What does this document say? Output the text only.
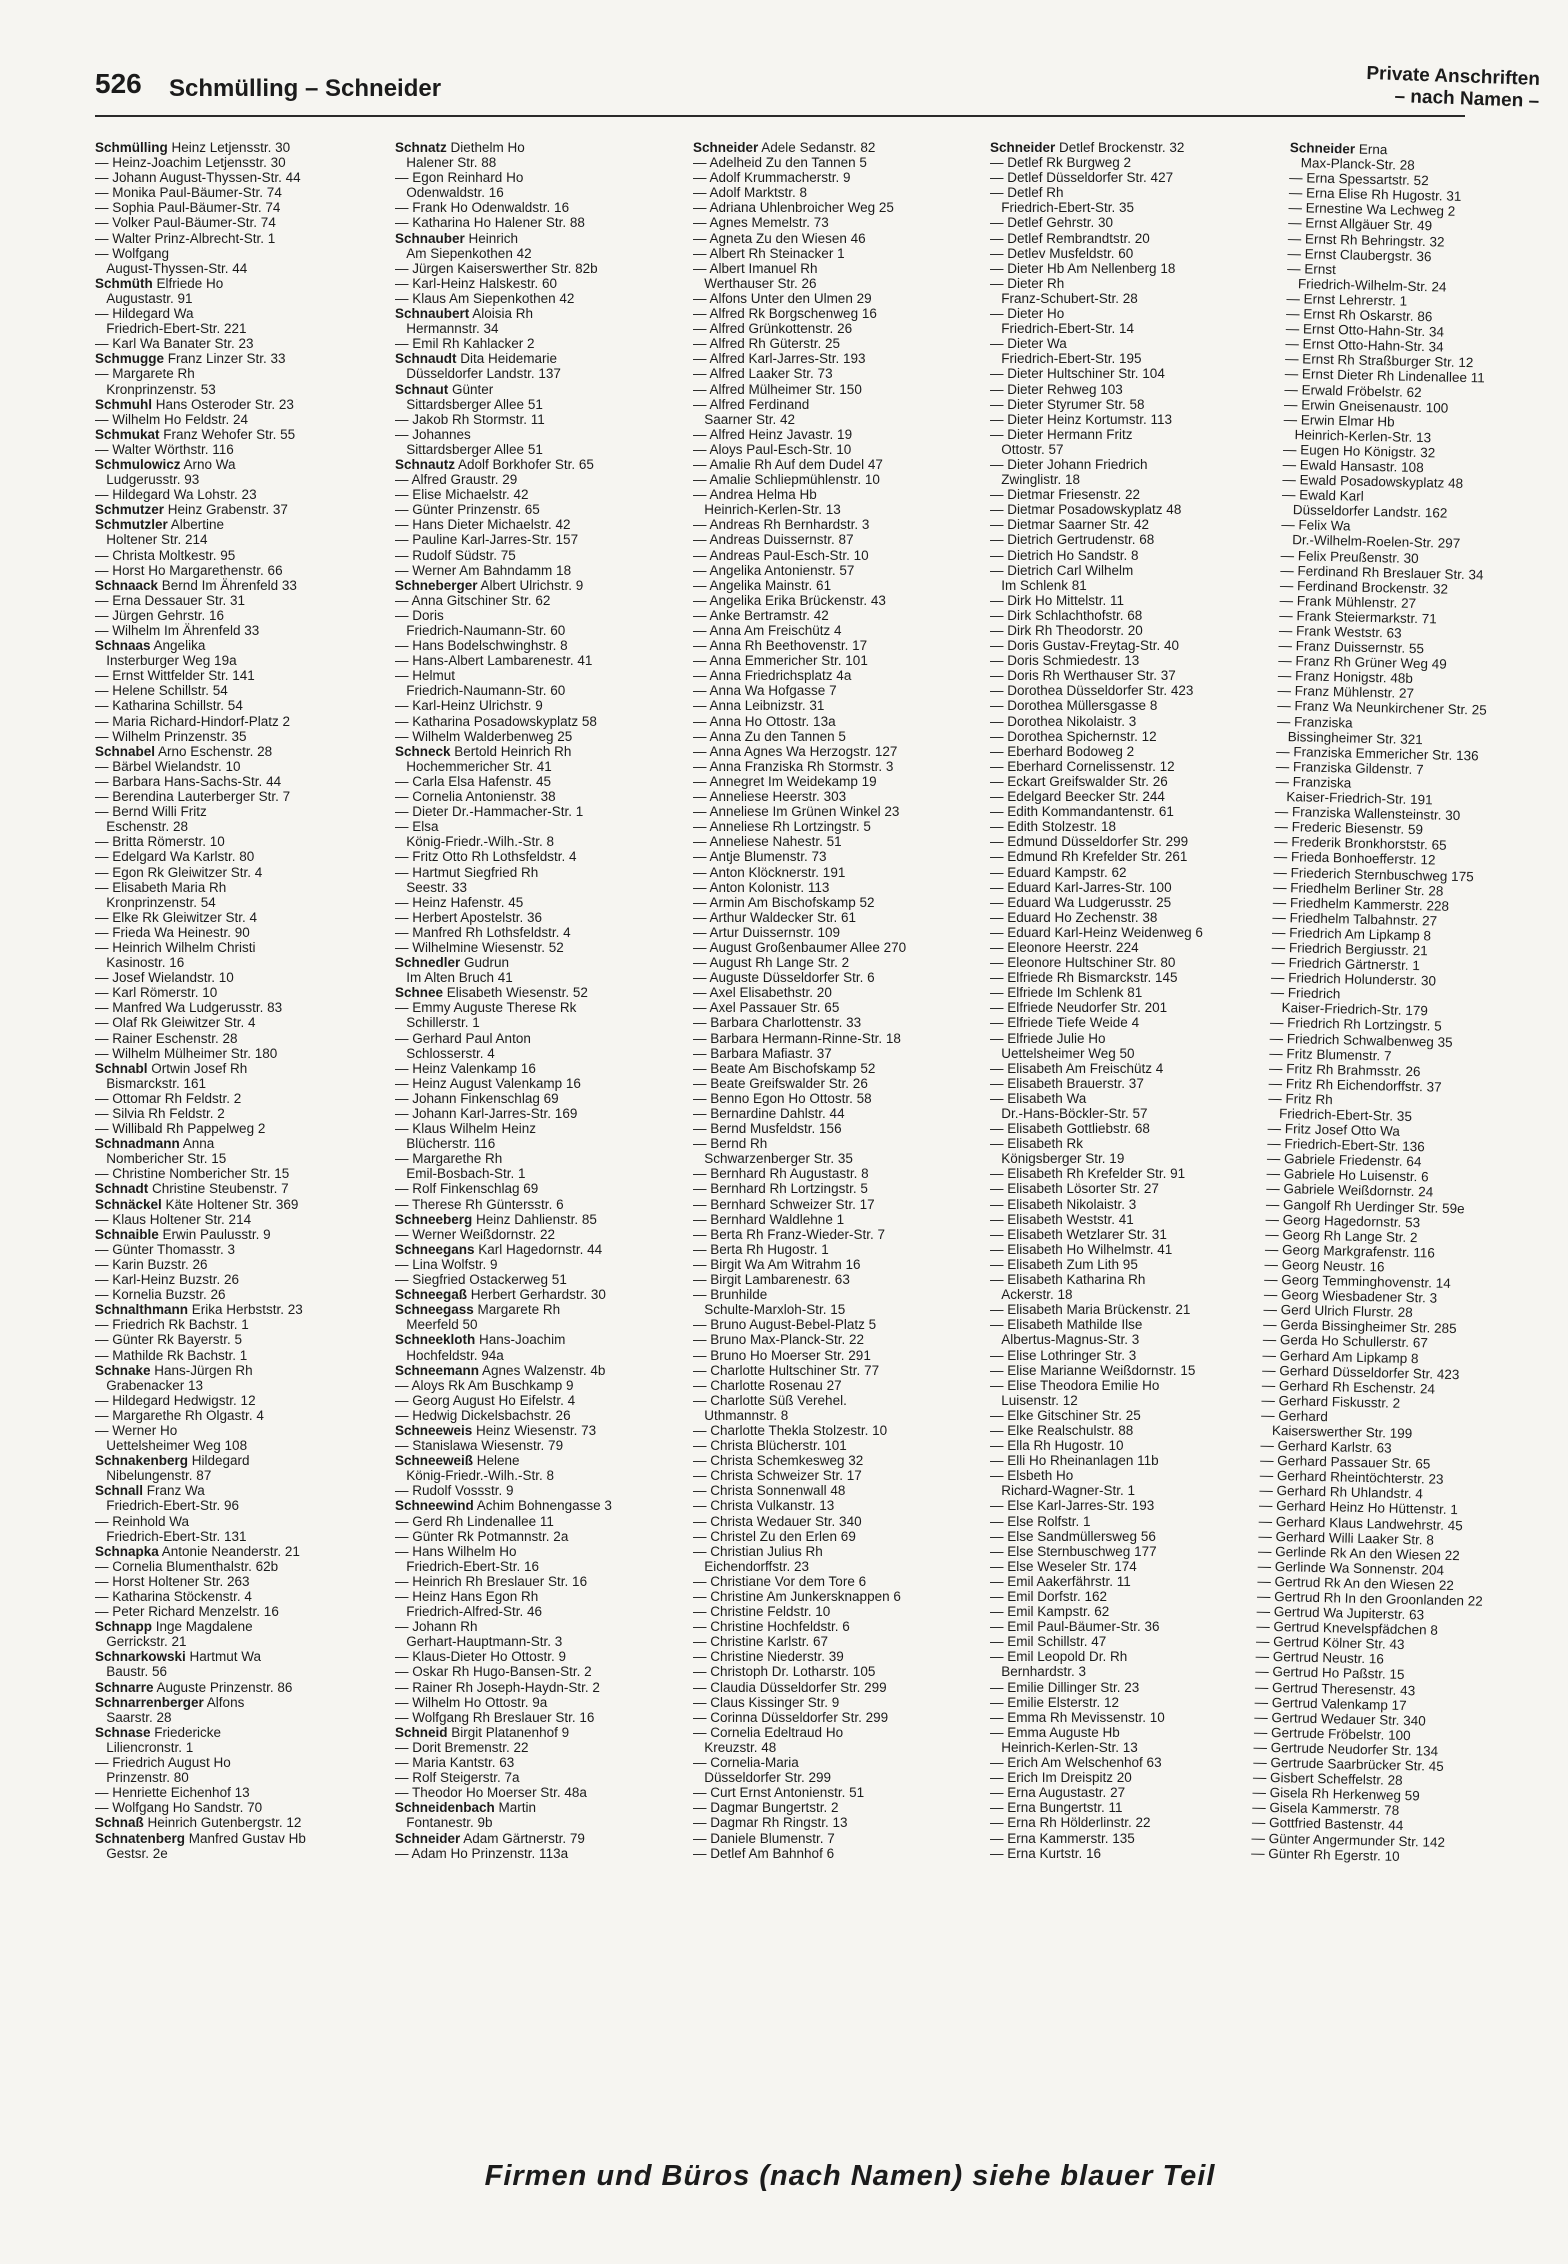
526 Schmülling – Schneider	Private Anschriften
– nach Namen –
Schmülling Heinz Letjensstr. 30
— Heinz-Joachim Letjensstr. 30
— Johann August-Thyssen-Str. 44
— Monika Paul-Bäumer-Str. 74
— Sophia Paul-Bäumer-Str. 74
— Volker Paul-Bäumer-Str. 74
— Walter Prinz-Albrecht-Str. 1
— Wolfgang
August-Thyssen-Str. 44
Schmüth Elfriede Ho
Augustastr. 91
— Hildegard Wa
Friedrich-Ebert-Str. 221
— Karl Wa Banater Str. 23
Schmugge Franz Linzer Str. 33
— Margarete Rh
Kronprinzenstr. 53
Schmuhl Hans Osteroder Str. 23
— Wilhelm Ho Feldstr. 24
Schmukat Franz Wehofer Str. 55
— Walter Wörthstr. 116
Schmulowicz Arno Wa
Ludgerusstr. 93
— Hildegard Wa Lohstr. 23
Schmutzer Heinz Grabenstr. 37
Schmutzler Albertine
Holtener Str. 214
— Christa Moltkestr. 95
— Horst Ho Margarethenstr. 66
Schnaack Bernd Im Ährenfeld 33
— Erna Dessauer Str. 31
— Jürgen Gehrstr. 16
— Wilhelm Im Ährenfeld 33
Schnaas Angelika
Insterburger Weg 19a
— Ernst Wittfelder Str. 141
— Helene Schillstr. 54
— Katharina Schillstr. 54
— Maria Richard-Hindorf-Platz 2
— Wilhelm Prinzenstr. 35
Schnabel Arno Eschenstr. 28
— Bärbel Wielandstr. 10
— Barbara Hans-Sachs-Str. 44
— Berendina Lauterberger Str. 7
— Bernd Willi Fritz
Eschenstr. 28
— Britta Römerstr. 10
— Edelgard Wa Karlstr. 80
— Egon Rk Gleiwitzer Str. 4
— Elisabeth Maria Rh
Kronprinzenstr. 54
— Elke Rk Gleiwitzer Str. 4
— Frieda Wa Heinestr. 90
— Heinrich Wilhelm Christi
Kasinostr. 16
— Josef Wielandstr. 10
— Karl Römerstr. 10
— Manfred Wa Ludgerusstr. 83
— Olaf Rk Gleiwitzer Str. 4
— Rainer Eschenstr. 28
— Wilhelm Mülheimer Str. 180
Schnabl Ortwin Josef Rh
Bismarckstr. 161
— Ottomar Rh Feldstr. 2
— Silvia Rh Feldstr. 2
— Willibald Rh Pappelweg 2
Schnadmann Anna
Nombericher Str. 15
— Christine Nombericher Str. 15
Schnadt Christine Steubenstr. 7
Schnäckel Käte Holtener Str. 369
— Klaus Holtener Str. 214
Schnaible Erwin Paulusstr. 9
— Günter Thomasstr. 3
— Karin Buzstr. 26
— Karl-Heinz Buzstr. 26
— Kornelia Buzstr. 26
Schnalthmann Erika Herbststr. 23
— Friedrich Rk Bachstr. 1
— Günter Rk Bayerstr. 5
— Mathilde Rk Bachstr. 1
Schnake Hans-Jürgen Rh
Grabenacker 13
— Hildegard Hedwigstr. 12
— Margarethe Rh Olgastr. 4
— Werner Ho
Uettelsheimer Weg 108
Schnakenberg Hildegard
Nibelungenstr. 87
Schnall Franz Wa
Friedrich-Ebert-Str. 96
— Reinhold Wa
Friedrich-Ebert-Str. 131
Schnapka Antonie Neanderstr. 21
— Cornelia Blumenthalstr. 62b
— Horst Holtener Str. 263
— Katharina Stöckenstr. 4
— Peter Richard Menzelstr. 16
Schnapp Inge Magdalene
Gerrickstr. 21
Schnarkowski Hartmut Wa
Baustr. 56
Schnarre Auguste Prinzenstr. 86
Schnarrenberger Alfons
Saarstr. 28
Schnase Friedericke
Liliencronstr. 1
— Friedrich August Ho
Prinzenstr. 80
— Henriette Eichenhof 13
— Wolfgang Ho Sandstr. 70
Schnaß Heinrich Gutenbergstr. 12
Schnatenberg Manfred Gustav Hb
Gestsr. 2e
Schnatz Diethelm Ho
Halener Str. 88
— Egon Reinhard Ho
Odenwaldstr. 16
— Frank Ho Odenwaldstr. 16
— Katharina Ho Halener Str. 88
Schnauber Heinrich
Am Siepenkothen 42
— Jürgen Kaiserswerther Str. 82b
— Karl-Heinz Halskestr. 60
— Klaus Am Siepenkothen 42
Schnaubert Aloisia Rh
Hermannstr. 34
— Emil Rh Kahlacker 2
Schnaudt Dita Heidemarie
Düsseldorfer Landstr. 137
Schnaut Günter
Sittardsberger Allee 51
— Jakob Rh Stormstr. 11
— Johannes
Sittardsberger Allee 51
Schnautz Adolf Borkhofer Str. 65
— Alfred Graustr. 29
— Elise Michaelstr. 42
— Günter Prinzenstr. 65
— Hans Dieter Michaelstr. 42
— Pauline Karl-Jarres-Str. 157
— Rudolf Südstr. 75
— Werner Am Bahndamm 18
Schneberger Albert Ulrichstr. 9
— Anna Gitschiner Str. 62
— Doris
Friedrich-Naumann-Str. 60
— Hans Bodelschwinghstr. 8
— Hans-Albert Lambarenestr. 41
— Helmut
Friedrich-Naumann-Str. 60
— Karl-Heinz Ulrichstr. 9
— Katharina Posadowskyplatz 58
— Wilhelm Walderbenweg 25
Schneck Bertold Heinrich Rh
Hochemmericher Str. 41
— Carla Elsa Hafenstr. 45
— Cornelia Antonienstr. 38
— Dieter Dr.-Hammacher-Str. 1
— Elsa
König-Friedr.-Wilh.-Str. 8
— Fritz Otto Rh Lothsfeldstr. 4
— Hartmut Siegfried Rh
Seestr. 33
— Heinz Hafenstr. 45
— Herbert Apostelstr. 36
— Manfred Rh Lothsfeldstr. 4
— Wilhelmine Wiesenstr. 52
Schnedler Gudrun
Im Alten Bruch 41
Schnee Elisabeth Wiesenstr. 52
— Emmy Auguste Therese Rk
Schillerstr. 1
— Gerhard Paul Anton
Schlosserstr. 4
— Heinz Valenkamp 16
— Heinz August Valenkamp 16
— Johann Finkenschlag 69
— Johann Karl-Jarres-Str. 169
— Klaus Wilhelm Heinz
Blücherstr. 116
— Margarethe Rh
Emil-Bosbach-Str. 1
— Rolf Finkenschlag 69
— Therese Rh Güntersstr. 6
Schneeberg Heinz Dahlienstr. 85
— Werner Weißdornstr. 22
Schneegans Karl Hagedornstr. 44
— Lina Wolfstr. 9
— Siegfried Ostackerweg 51
Schneegaß Herbert Gerhardstr. 30
Schneegass Margarete Rh
Meerfeld 50
Schneekloth Hans-Joachim
Hochfeldstr. 94a
Schneemann Agnes Walzenstr. 4b
— Aloys Rk Am Buschkamp 9
— Georg August Ho Eifelstr. 4
— Hedwig Dickelsbachstr. 26
Schneeweis Heinz Wiesenstr. 73
— Stanislawa Wiesenstr. 79
Schneeweiß Helene
König-Friedr.-Wilh.-Str. 8
— Rudolf Vossstr. 9
Schneewind Achim Bohnengasse 3
— Gerd Rh Lindenallee 11
— Günter Rk Potmannstr. 2a
— Hans Wilhelm Ho
Friedrich-Ebert-Str. 16
— Heinrich Rh Breslauer Str. 16
— Heinz Hans Egon Rh
Friedrich-Alfred-Str. 46
— Johann Rh
Gerhart-Hauptmann-Str. 3
— Klaus-Dieter Ho Ottostr. 9
— Oskar Rh Hugo-Bansen-Str. 2
— Rainer Rh Joseph-Haydn-Str. 2
— Wilhelm Ho Ottostr. 9a
— Wolfgang Rh Breslauer Str. 16
Schneid Birgit Platanenhof 9
— Dorit Bremenstr. 22
— Maria Kantstr. 63
— Rolf Steigerstr. 7a
— Theodor Ho Moerser Str. 48a
Schneidenbach Martin
Fontanestr. 9b
Schneider Adam Gärtnerstr. 79
— Adam Ho Prinzenstr. 113a
Schneider Adele Sedanstr. 82
— Adelheid Zu den Tannen 5
— Adolf Krummacherstr. 9
— Adolf Marktstr. 8
— Adriana Uhlenbroicher Weg 25
— Agnes Memelstr. 73
— Agneta Zu den Wiesen 46
— Albert Rh Steinacker 1
— Albert Imanuel Rh
Werthauser Str. 26
— Alfons Unter den Ulmen 29
— Alfred Rk Borgschenweg 16
— Alfred Grünkottenstr. 26
— Alfred Rh Güterstr. 25
— Alfred Karl-Jarres-Str. 193
— Alfred Laaker Str. 73
— Alfred Mülheimer Str. 150
— Alfred Ferdinand
Saarner Str. 42
— Alfred Heinz Javastr. 19
— Aloys Paul-Esch-Str. 10
— Amalie Rh Auf dem Dudel 47
— Amalie Schliepmühlenstr. 10
— Andrea Helma Hb
Heinrich-Kerlen-Str. 13
— Andreas Rh Bernhardstr. 3
— Andreas Duissernstr. 87
— Andreas Paul-Esch-Str. 10
— Angelika Antonienstr. 57
— Angelika Mainstr. 61
— Angelika Erika Brückenstr. 43
— Anke Bertramstr. 42
— Anna Am Freischütz 4
— Anna Rh Beethovenstr. 17
— Anna Emmericher Str. 101
— Anna Friedrichsplatz 4a
— Anna Wa Hofgasse 7
— Anna Leibnizstr. 31
— Anna Ho Ottostr. 13a
— Anna Zu den Tannen 5
— Anna Agnes Wa Herzogstr. 127
— Anna Franziska Rh Stormstr. 3
— Annegret Im Weidekamp 19
— Anneliese Heerstr. 303
— Anneliese Im Grünen Winkel 23
— Anneliese Rh Lortzingstr. 5
— Anneliese Nahestr. 51
— Antje Blumenstr. 73
— Anton Klöcknerstr. 191
— Anton Kolonistr. 113
— Armin Am Bischofskamp 52
— Arthur Waldecker Str. 61
— Artur Duissernstr. 109
— August Großenbaumer Allee 270
— August Rh Lange Str. 2
— Auguste Düsseldorfer Str. 6
— Axel Elisabethstr. 20
— Axel Passauer Str. 65
— Barbara Charlottenstr. 33
— Barbara Hermann-Rinne-Str. 18
— Barbara Mafiastr. 37
— Beate Am Bischofskamp 52
— Beate Greifswalder Str. 26
— Benno Egon Ho Ottostr. 58
— Bernardine Dahlstr. 44
— Bernd Musfeldstr. 156
— Bernd Rh
Schwarzenberger Str. 35
— Bernhard Rh Augustastr. 8
— Bernhard Rh Lortzingstr. 5
— Bernhard Schweizer Str. 17
— Bernhard Waldlehne 1
— Berta Rh Franz-Wieder-Str. 7
— Berta Rh Hugostr. 1
— Birgit Wa Am Witrahm 16
— Birgit Lambarenestr. 63
— Brunhilde
Schulte-Marxloh-Str. 15
— Bruno August-Bebel-Platz 5
— Bruno Max-Planck-Str. 22
— Bruno Ho Moerser Str. 291
— Charlotte Hultschiner Str. 77
— Charlotte Rosenau 27
— Charlotte Süß Verehel.
Uthmannstr. 8
— Charlotte Thekla Stolzestr. 10
— Christa Blücherstr. 101
— Christa Schemkesweg 32
— Christa Schweizer Str. 17
— Christa Sonnenwall 48
— Christa Vulkanstr. 13
— Christa Wedauer Str. 340
— Christel Zu den Erlen 69
— Christian Julius Rh
Eichendorffstr. 23
— Christiane Vor dem Tore 6
— Christine Am Junkersknappen 6
— Christine Feldstr. 10
— Christine Hochfeldstr. 6
— Christine Karlstr. 67
— Christine Niederstr. 39
— Christoph Dr. Lotharstr. 105
— Claudia Düsseldorfer Str. 299
— Claus Kissinger Str. 9
— Corinna Düsseldorfer Str. 299
— Cornelia Edeltraud Ho
Kreuzstr. 48
— Cornelia-Maria
Düsseldorfer Str. 299
— Curt Ernst Antonienstr. 51
— Dagmar Bungertstr. 2
— Dagmar Rh Ringstr. 13
— Daniele Blumenstr. 7
— Detlef Am Bahnhof 6
Schneider Detlef Brockenstr. 32
— Detlef Rk Burgweg 2
— Detlef Düsseldorfer Str. 427
— Detlef Rh
Friedrich-Ebert-Str. 35
— Detlef Gehrstr. 30
— Detlef Rembrandtstr. 20
— Detlev Musfeldstr. 60
— Dieter Hb Am Nellenberg 18
— Dieter Rh
Franz-Schubert-Str. 28
— Dieter Ho
Friedrich-Ebert-Str. 14
— Dieter Wa
Friedrich-Ebert-Str. 195
— Dieter Hultschiner Str. 104
— Dieter Rehweg 103
— Dieter Styrumer Str. 58
— Dieter Heinz Kortumstr. 113
— Dieter Hermann Fritz
Ottostr. 57
— Dieter Johann Friedrich
Zwinglistr. 18
— Dietmar Friesenstr. 22
— Dietmar Posadowskyplatz 48
— Dietmar Saarner Str. 42
— Dietrich Gertrudenstr. 68
— Dietrich Ho Sandstr. 8
— Dietrich Carl Wilhelm
Im Schlenk 81
— Dirk Ho Mittelstr. 11
— Dirk Schlachthofstr. 68
— Dirk Rh Theodorstr. 20
— Doris Gustav-Freytag-Str. 40
— Doris Schmiedestr. 13
— Doris Rh Werthauser Str. 37
— Dorothea Düsseldorfer Str. 423
— Dorothea Müllersgasse 8
— Dorothea Nikolaistr. 3
— Dorothea Spichernstr. 12
— Eberhard Bodoweg 2
— Eberhard Cornelissenstr. 12
— Eckart Greifswalder Str. 26
— Edelgard Beecker Str. 244
— Edith Kommandantenstr. 61
— Edith Stolzestr. 18
— Edmund Düsseldorfer Str. 299
— Edmund Rh Krefelder Str. 261
— Eduard Kampstr. 62
— Eduard Karl-Jarres-Str. 100
— Eduard Wa Ludgerusstr. 25
— Eduard Ho Zechenstr. 38
— Eduard Karl-Heinz Weidenweg 6
— Eleonore Heerstr. 224
— Eleonore Hultschiner Str. 80
— Elfriede Rh Bismarckstr. 145
— Elfriede Im Schlenk 81
— Elfriede Neudorfer Str. 201
— Elfriede Tiefe Weide 4
— Elfriede Julie Ho
Uettelsheimer Weg 50
— Elisabeth Am Freischütz 4
— Elisabeth Brauerstr. 37
— Elisabeth Wa
Dr.-Hans-Böckler-Str. 57
— Elisabeth Gottliebstr. 68
— Elisabeth Rk
Königsberger Str. 19
— Elisabeth Rh Krefelder Str. 91
— Elisabeth Lösorter Str. 27
— Elisabeth Nikolaistr. 3
— Elisabeth Weststr. 41
— Elisabeth Wetzlarer Str. 31
— Elisabeth Ho Wilhelmstr. 41
— Elisabeth Zum Lith 95
— Elisabeth Katharina Rh
Ackerstr. 18
— Elisabeth Maria Brückenstr. 21
— Elisabeth Mathilde Ilse
Albertus-Magnus-Str. 3
— Elise Lothringer Str. 3
— Elise Marianne Weißdornstr. 15
— Elise Theodora Emilie Ho
Luisenstr. 12
— Elke Gitschiner Str. 25
— Elke Realschulstr. 88
— Ella Rh Hugostr. 10
— Elli Ho Rheinanlagen 11b
— Elsbeth Ho
Richard-Wagner-Str. 1
— Else Karl-Jarres-Str. 193
— Else Rolfstr. 1
— Else Sandmüllersweg 56
— Else Sternbuschweg 177
— Else Weseler Str. 174
— Emil Aakerfährstr. 11
— Emil Dorfstr. 162
— Emil Kampstr. 62
— Emil Paul-Bäumer-Str. 36
— Emil Schillstr. 47
— Emil Leopold Dr. Rh
Bernhardstr. 3
— Emilie Dillinger Str. 23
— Emilie Elsterstr. 12
— Emma Rh Mevissenstr. 10
— Emma Auguste Hb
Heinrich-Kerlen-Str. 13
— Erich Am Welschenhof 63
— Erich Im Dreispitz 20
— Erna Augustastr. 27
— Erna Bungertstr. 11
— Erna Rh Hölderlinstr. 22
— Erna Kammerstr. 135
— Erna Kurtstr. 16
Schneider Erna
Max-Planck-Str. 28
— Erna Spessartstr. 52
— Erna Elise Rh Hugostr. 31
— Ernestine Wa Lechweg 2
— Ernst Allgäuer Str. 49
— Ernst Rh Behringstr. 32
— Ernst Claubergstr. 36
— Ernst
Friedrich-Wilhelm-Str. 24
— Ernst Lehrerstr. 1
— Ernst Rh Oskarstr. 86
— Ernst Otto-Hahn-Str. 34
— Ernst Otto-Hahn-Str. 34
— Ernst Rh Straßburger Str. 12
— Ernst Dieter Rh Lindenallee 11
— Erwald Fröbelstr. 62
— Erwin Gneisenaustr. 100
— Erwin Elmar Hb
Heinrich-Kerlen-Str. 13
— Eugen Ho Königstr. 32
— Ewald Hansastr. 108
— Ewald Posadowskyplatz 48
— Ewald Karl
Düsseldorfer Landstr. 162
— Felix Wa
Dr.-Wilhelm-Roelen-Str. 297
— Felix Preußenstr. 30
— Ferdinand Rh Breslauer Str. 34
— Ferdinand Brockenstr. 32
— Frank Mühlenstr. 27
— Frank Steiermarkstr. 71
— Frank Weststr. 63
— Franz Duissernstr. 55
— Franz Rh Grüner Weg 49
— Franz Honigstr. 48b
— Franz Mühlenstr. 27
— Franz Wa Neunkirchener Str. 25
— Franziska
Bissingheimer Str. 321
— Franziska Emmericher Str. 136
— Franziska Gildenstr. 7
— Franziska
Kaiser-Friedrich-Str. 191
— Franziska Wallensteinstr. 30
— Frederic Biesenstr. 59
— Frederik Bronkhorststr. 65
— Frieda Bonhoefferstr. 12
— Friederich Sternbuschweg 175
— Friedhelm Berliner Str. 28
— Friedhelm Kammerstr. 228
— Friedhelm Talbahnstr. 27
— Friedrich Am Lipkamp 8
— Friedrich Bergiusstr. 21
— Friedrich Gärtnerstr. 1
— Friedrich Holunderstr. 30
— Friedrich
Kaiser-Friedrich-Str. 179
— Friedrich Rh Lortzingstr. 5
— Friedrich Schwalbenweg 35
— Fritz Blumenstr. 7
— Fritz Rh Brahmsstr. 26
— Fritz Rh Eichendorffstr. 37
— Fritz Rh
Friedrich-Ebert-Str. 35
— Fritz Josef Otto Wa
— Friedrich-Ebert-Str. 136
— Gabriele Friedenstr. 64
— Gabriele Ho Luisenstr. 6
— Gabriele Weißdornstr. 24
— Gangolf Rh Uerdinger Str. 59e
— Georg Hagedornstr. 53
— Georg Rh Lange Str. 2
— Georg Markgrafenstr. 116
— Georg Neustr. 16
— Georg Temminghovenstr. 14
— Georg Wiesbadener Str. 3
— Gerd Ulrich Flurstr. 28
— Gerda Bissingheimer Str. 285
— Gerda Ho Schullerstr. 67
— Gerhard Am Lipkamp 8
— Gerhard Düsseldorfer Str. 423
— Gerhard Rh Eschenstr. 24
— Gerhard Fiskusstr. 2
— Gerhard
Kaiserswerther Str. 199
— Gerhard Karlstr. 63
— Gerhard Passauer Str. 65
— Gerhard Rheintöchterstr. 23
— Gerhard Rh Uhlandstr. 4
— Gerhard Heinz Ho Hüttenstr. 1
— Gerhard Klaus Landwehrstr. 45
— Gerhard Willi Laaker Str. 8
— Gerlinde Rk An den Wiesen 22
— Gerlinde Wa Sonnenstr. 204
— Gertrud Rk An den Wiesen 22
— Gertrud Rh In den Groonlanden 22
— Gertrud Wa Jupiterstr. 63
— Gertrud Knevelspfädchen 8
— Gertrud Kölner Str. 43
— Gertrud Neustr. 16
— Gertrud Ho Paßstr. 15
— Gertrud Theresenstr. 43
— Gertrud Valenkamp 17
— Gertrud Wedauer Str. 340
— Gertrude Fröbelstr. 100
— Gertrude Neudorfer Str. 134
— Gertrude Saarbrücker Str. 45
— Gisbert Scheffelstr. 28
— Gisela Rh Herkenweg 59
— Gisela Kammerstr. 78
— Gottfried Bastenstr. 44
— Günter Angermunder Str. 142
— Günter Rh Egerstr. 10
Firmen und Büros (nach Namen) siehe blauer Teil
